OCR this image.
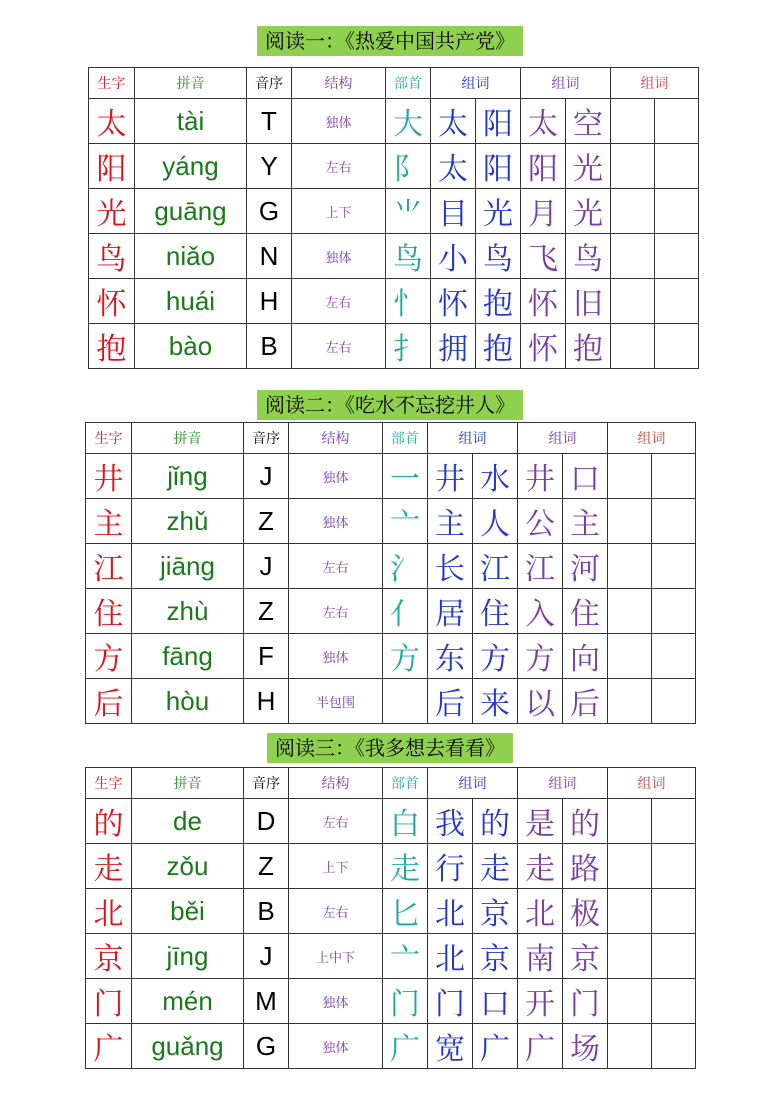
阅读一：《热爱中国共产党》
生字	拼音	音序	结构	部首	组词		组词		组词	
太	tài	T	独体	大	太	阳	太	空		
阳	yáng	Y	左右	阝	太	阳	阳	光		
光	guāng	G	上下	⺌	目	光	月	光		
鸟	niǎo	N	独体	鸟	小	鸟	飞	鸟		
怀	huái	H	左右	忄	怀	抱	怀	旧		
抱	bào	B	左右	扌	拥	抱	怀	抱		
阅读二：《吃水不忘挖井人》
生字	拼音	音序	结构	部首	组词		组词		组词	
井	jǐng	J	独体	一	井	水	井	口		
主	zhǔ	Z	独体	亠	主	人	公	主		
江	jiāng	J	左右	氵	长	江	江	河		
住	zhù	Z	左右	亻	居	住	入	住		
方	fāng	F	独体	方	东	方	方	向		
后	hòu	H	半包围		后	来	以	后		
阅读三：《我多想去看看》
生字	拼音	音序	结构	部首	组词		组词		组词	
的	de	D	左右	白	我	的	是	的		
走	zǒu	Z	上下	走	行	走	走	路		
北	běi	B	左右	匕	北	京	北	极		
京	jīng	J	上中下	亠	北	京	南	京		
门	mén	M	独体	门	门	口	开	门		
广	guǎng	G	独体	广	宽	广	广	场		
